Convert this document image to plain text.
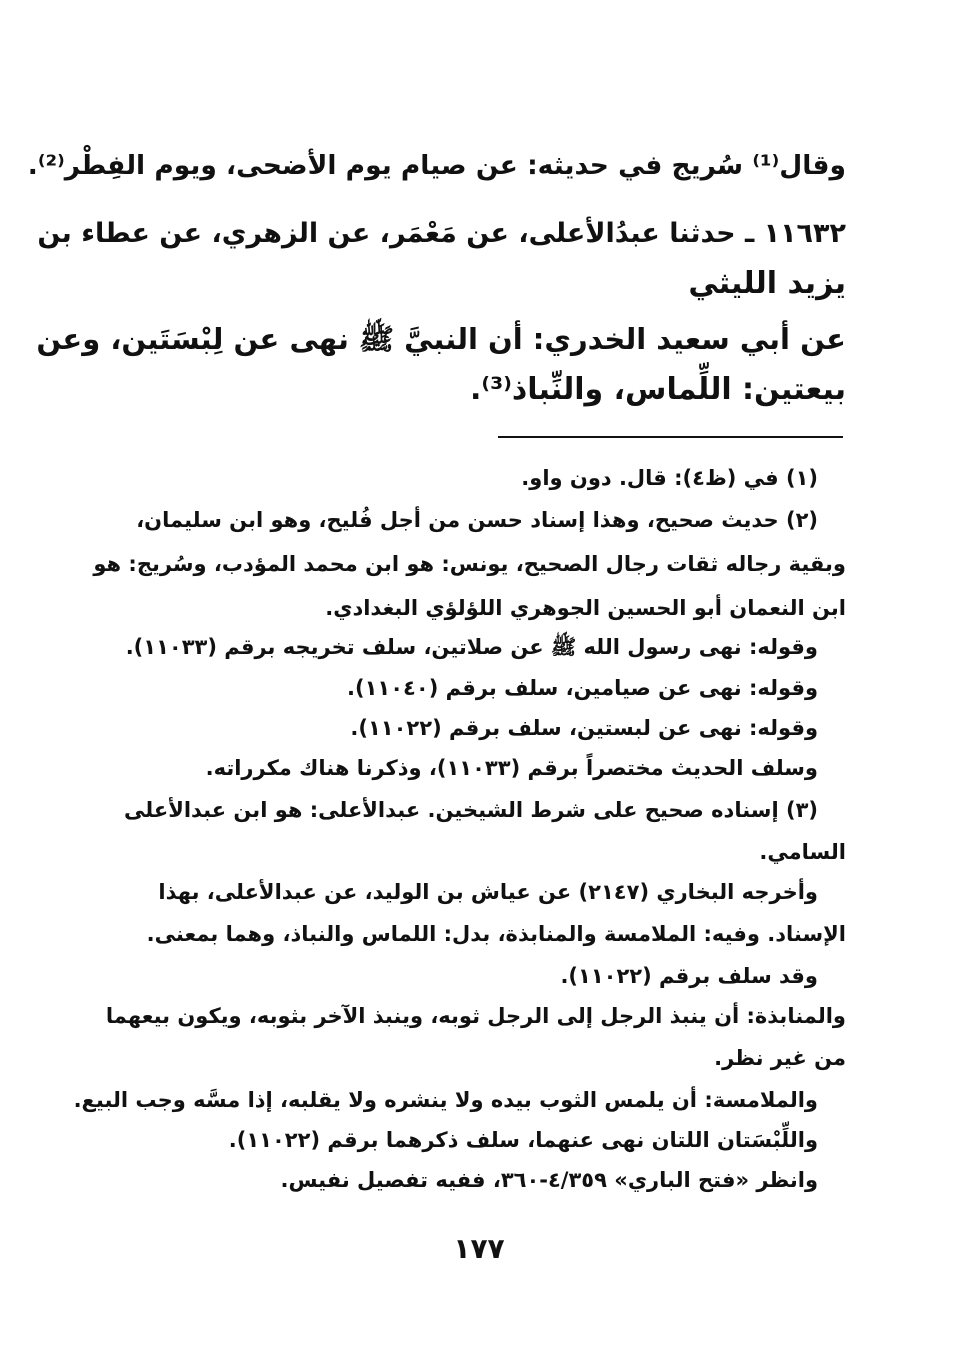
وقال⁽¹⁾ سُريج في حديثه: عن صيام يوم الأضحى، ويوم الفِطْر⁽²⁾.
١١٦٣٢ ـ حدثنا عبدُالأعلى، عن مَعْمَر، عن الزهري، عن عطاء بن
يزيد الليثي
عن أبي سعيد الخدري: أن النبيَّ ﷺ نهى عن لِبْسَتَين، وعن
بيعتين: اللِّماس، والنِّباذ⁽³⁾.
(١) في (ظ٤): قال. دون واو.
(٢) حديث صحيح، وهذا إسناد حسن من أجل فُليح، وهو ابن سليمان،
وبقية رجاله ثقات رجال الصحيح، يونس: هو ابن محمد المؤدب، وسُريج: هو
ابن النعمان أبو الحسين الجوهري اللؤلؤي البغدادي.
وقوله: نهى رسول الله ﷺ عن صلاتين، سلف تخريجه برقم (١١٠٣٣).
وقوله: نهى عن صيامين، سلف برقم (١١٠٤٠).
وقوله: نهى عن لبستين، سلف برقم (١١٠٢٢).
وسلف الحديث مختصراً برقم (١١٠٣٣)، وذكرنا هناك مكرراته.
(٣) إسناده صحيح على شرط الشيخين. عبدالأعلى: هو ابن عبدالأعلى
السامي.
وأخرجه البخاري (٢١٤٧) عن عياش بن الوليد، عن عبدالأعلى، بهذا
الإسناد. وفيه: الملامسة والمنابذة، بدل: اللماس والنباذ، وهما بمعنى.
وقد سلف برقم (١١٠٢٢).
والمنابذة: أن ينبذ الرجل إلى الرجل ثوبه، وينبذ الآخر بثوبه، ويكون بيعهما
من غير نظر.
والملامسة: أن يلمس الثوب بيده ولا ينشره ولا يقلبه، إذا مسَّه وجب البيع.
واللِّبْسَتان اللتان نهى عنهما، سلف ذكرهما برقم (١١٠٢٢).
وانظر «فتح الباري» ٤/٣٥٩-٣٦٠، ففيه تفصيل نفيس.
١٧٧
